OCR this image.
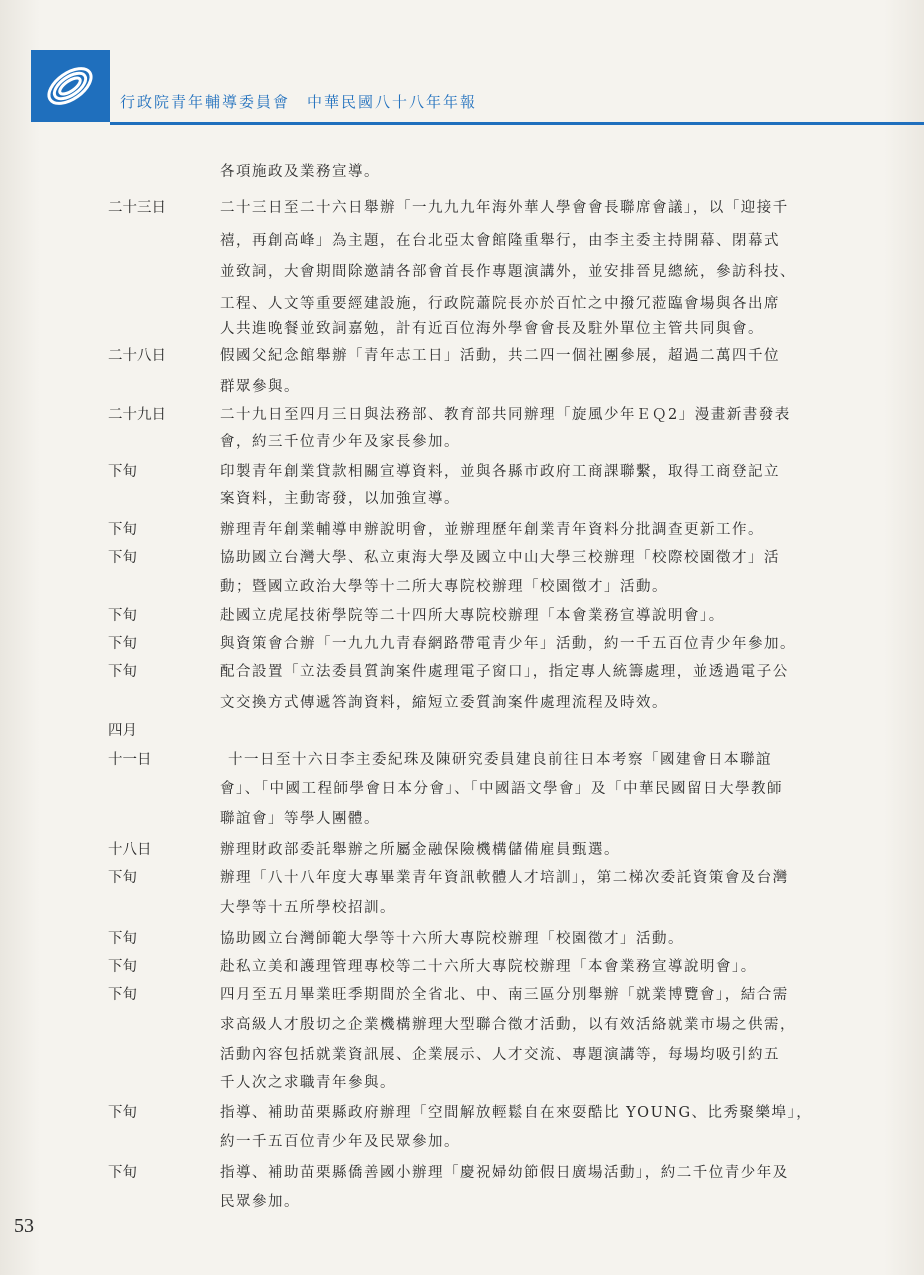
行政院青年輔導委員會　中華民國八十八年年報
各項施政及業務宣導。
二十三日	二十三日至二十六日舉辦「一九九九年海外華人學會會長聯席會議」，以「迎接千
禧，再創高峰」為主題，在台北亞太會館隆重舉行，由李主委主持開幕、閉幕式
並致詞，大會期間除邀請各部會首長作專題演講外，並安排晉見總統，參訪科技、
工程、人文等重要經建設施，行政院蕭院長亦於百忙之中撥冗蒞臨會場與各出席
人共進晚餐並致詞嘉勉，計有近百位海外學會會長及駐外單位主管共同與會。
二十八日	假國父紀念館舉辦「青年志工日」活動，共二四一個社團參展，超過二萬四千位
群眾參與。
二十九日	二十九日至四月三日與法務部、教育部共同辦理「旋風少年ＥＱ2」漫畫新書發表
會，約三千位青少年及家長參加。
下旬	印製青年創業貸款相關宣導資料，並與各縣市政府工商課聯繫，取得工商登記立
案資料，主動寄發，以加強宣導。
下旬	辦理青年創業輔導申辦說明會，並辦理歷年創業青年資料分批調查更新工作。
下旬	協助國立台灣大學、私立東海大學及國立中山大學三校辦理「校際校園徵才」活
動；暨國立政治大學等十二所大專院校辦理「校園徵才」活動。
下旬	赴國立虎尾技術學院等二十四所大專院校辦理「本會業務宣導說明會」。
下旬	與資策會合辦「一九九九青春網路帶電青少年」活動，約一千五百位青少年參加。
下旬	配合設置「立法委員質詢案件處理電子窗口」，指定專人統籌處理，並透過電子公
文交換方式傳遞答詢資料，縮短立委質詢案件處理流程及時效。
四月
十一日	十一日至十六日李主委紀珠及陳研究委員建良前往日本考察「國建會日本聯誼
會」、「中國工程師學會日本分會」、「中國語文學會」及「中華民國留日大學教師
聯誼會」等學人團體。
十八日	辦理財政部委託舉辦之所屬金融保險機構儲備雇員甄選。
下旬	辦理「八十八年度大專畢業青年資訊軟體人才培訓」，第二梯次委託資策會及台灣
大學等十五所學校招訓。
下旬	協助國立台灣師範大學等十六所大專院校辦理「校園徵才」活動。
下旬	赴私立美和護理管理專校等二十六所大專院校辦理「本會業務宣導說明會」。
下旬	四月至五月畢業旺季期間於全省北、中、南三區分別舉辦「就業博覽會」，結合需
求高級人才殷切之企業機構辦理大型聯合徵才活動，以有效活絡就業市場之供需，
活動內容包括就業資訊展、企業展示、人才交流、專題演講等，每場均吸引約五
千人次之求職青年參與。
下旬	指導、補助苗栗縣政府辦理「空間解放輕鬆自在來耍酷比 YOUNG、比秀聚樂埠」，
約一千五百位青少年及民眾參加。
下旬	指導、補助苗栗縣僑善國小辦理「慶祝婦幼節假日廣場活動」，約二千位青少年及
民眾參加。
53
